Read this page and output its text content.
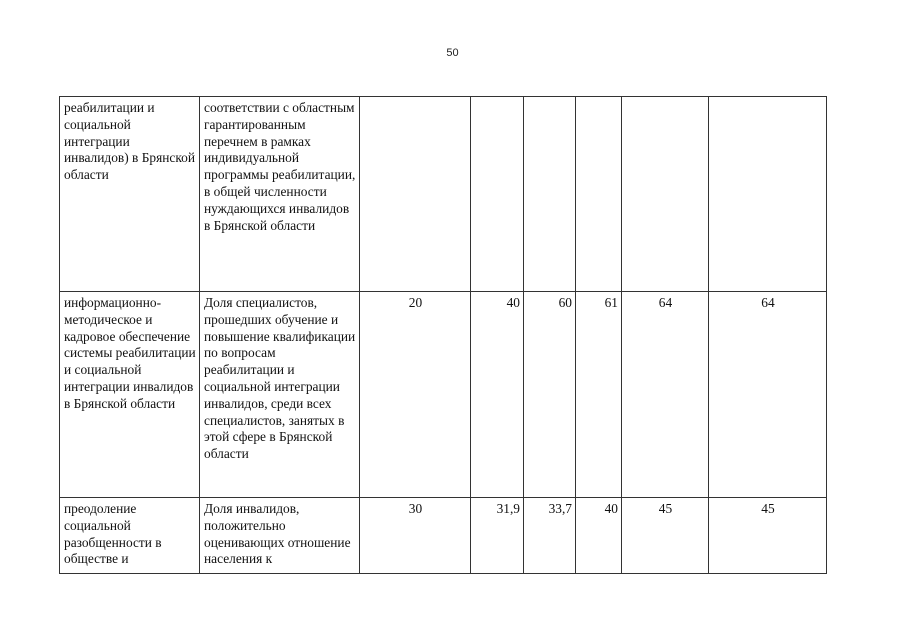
50
реабилитации и социальной интеграции инвалидов) в Брянской области	соответствии с областным гарантированным перечнем в рамках индивидуальной программы реабилитации, в общей численности нуждающихся инвалидов в Брянской области						
информационно-методическое и кадровое обеспечение системы реабилитации и социальной интеграции инвалидов в Брянской области	Доля специалистов, прошедших обучение и повышение квалификации по вопросам реабилитации и социальной интеграции инвалидов, среди всех специалистов, занятых в этой сфере в Брянской области	20	40	60	61	64	64
преодоление социальной разобщенности в обществе и	Доля инвалидов, положительно оценивающих отношение населения к	30	31,9	33,7	40	45	45
